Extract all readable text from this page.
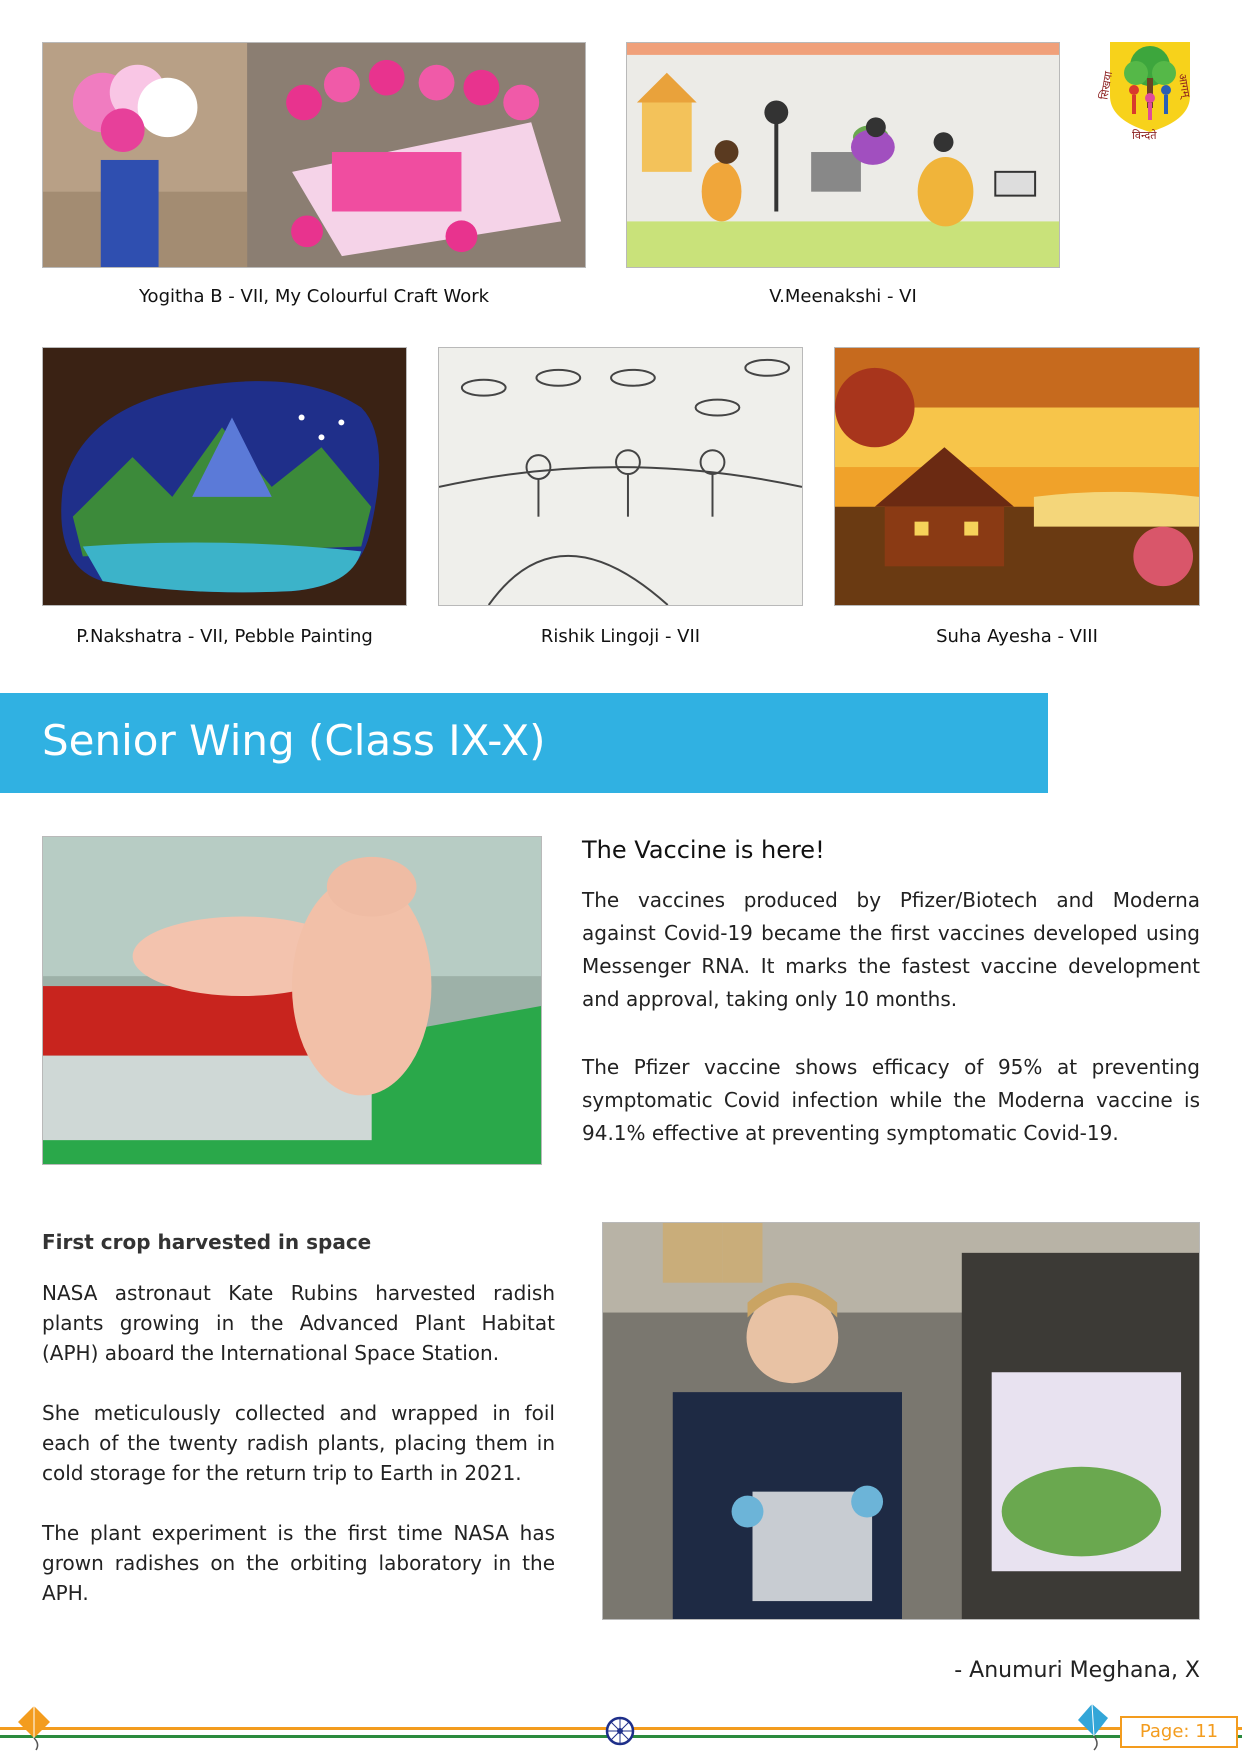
सिखया	आगम्
विन्दते
Yogitha B - VII, My Colourful Craft Work	V.Meenakshi - VI
P.Nakshatra - VII, Pebble Painting	Rishik Lingoji - VII	Suha Ayesha - VIII
Senior Wing (Class IX-X)
The Vaccine is here!

The vaccines produced by Pfizer/Biotech and Moderna against Covid-19 became the first vaccines developed using Messenger RNA. It marks the fastest vaccine development and approval, taking only 10 months.

The Pfizer vaccine shows efficacy of 95% at preventing symptomatic Covid infection while the Moderna vaccine is 94.1% effective at preventing symptomatic Covid-19.

First crop harvested in space

NASA astronaut Kate Rubins harvested radish plants growing in the Advanced Plant Habitat (APH) aboard the International Space Station.

She meticulously collected and wrapped in foil each of the twenty radish plants, placing them in cold storage for the return trip to Earth in 2021.

The plant experiment is the first time NASA has grown radishes on the orbiting laboratory in the APH.

- Anumuri Meghana, X
Page: 11
